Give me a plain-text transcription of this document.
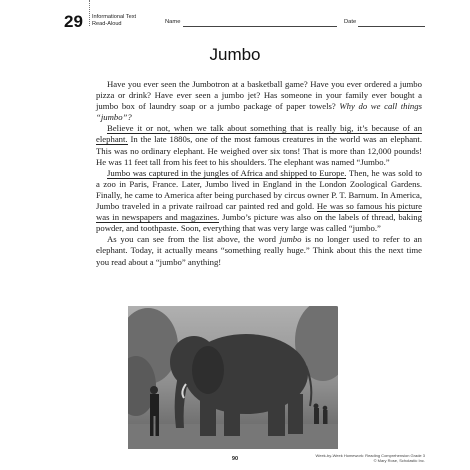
29 Informational Text
Read-Aloud	Name	Date
Jumbo

Have you ever seen the Jumbotron at a basketball game? Have you ever ordered a jumbo pizza or drink? Have ever seen a jumbo jet? Has someone in your family ever bought a jumbo box of laundry soap or a jumbo package of paper towels? Why do we call things “jumbo”?

Believe it or not, when we talk about something that is really big, it’s because of an elephant. In the late 1880s, one of the most famous creatures in the world was an elephant. This was no ordinary elephant. He weighed over six tons! That is more than 12,000 pounds! He was 11 feet tall from his feet to his shoulders. The elephant was named “Jumbo.”

Jumbo was captured in the jungles of Africa and shipped to Europe. Then, he was sold to a zoo in Paris, France. Later, Jumbo lived in England in the London Zoological Gardens. Finally, he came to America after being purchased by circus owner P. T. Barnum. In America, Jumbo traveled in a private railroad car painted red and gold. He was so famous his picture was in newspapers and magazines. Jumbo’s picture was also on the labels of thread, baking powder, and toothpaste. Soon, everything that was very large was called “jumbo.”

As you can see from the list above, the word jumbo is no longer used to refer to an elephant. Today, it actually means “something really huge.” Think about this the next time you read about a “jumbo” anything!

90
Week-by-Week Homework: Reading Comprehension Grade 3
© Mary Rose, Scholastic Inc.
